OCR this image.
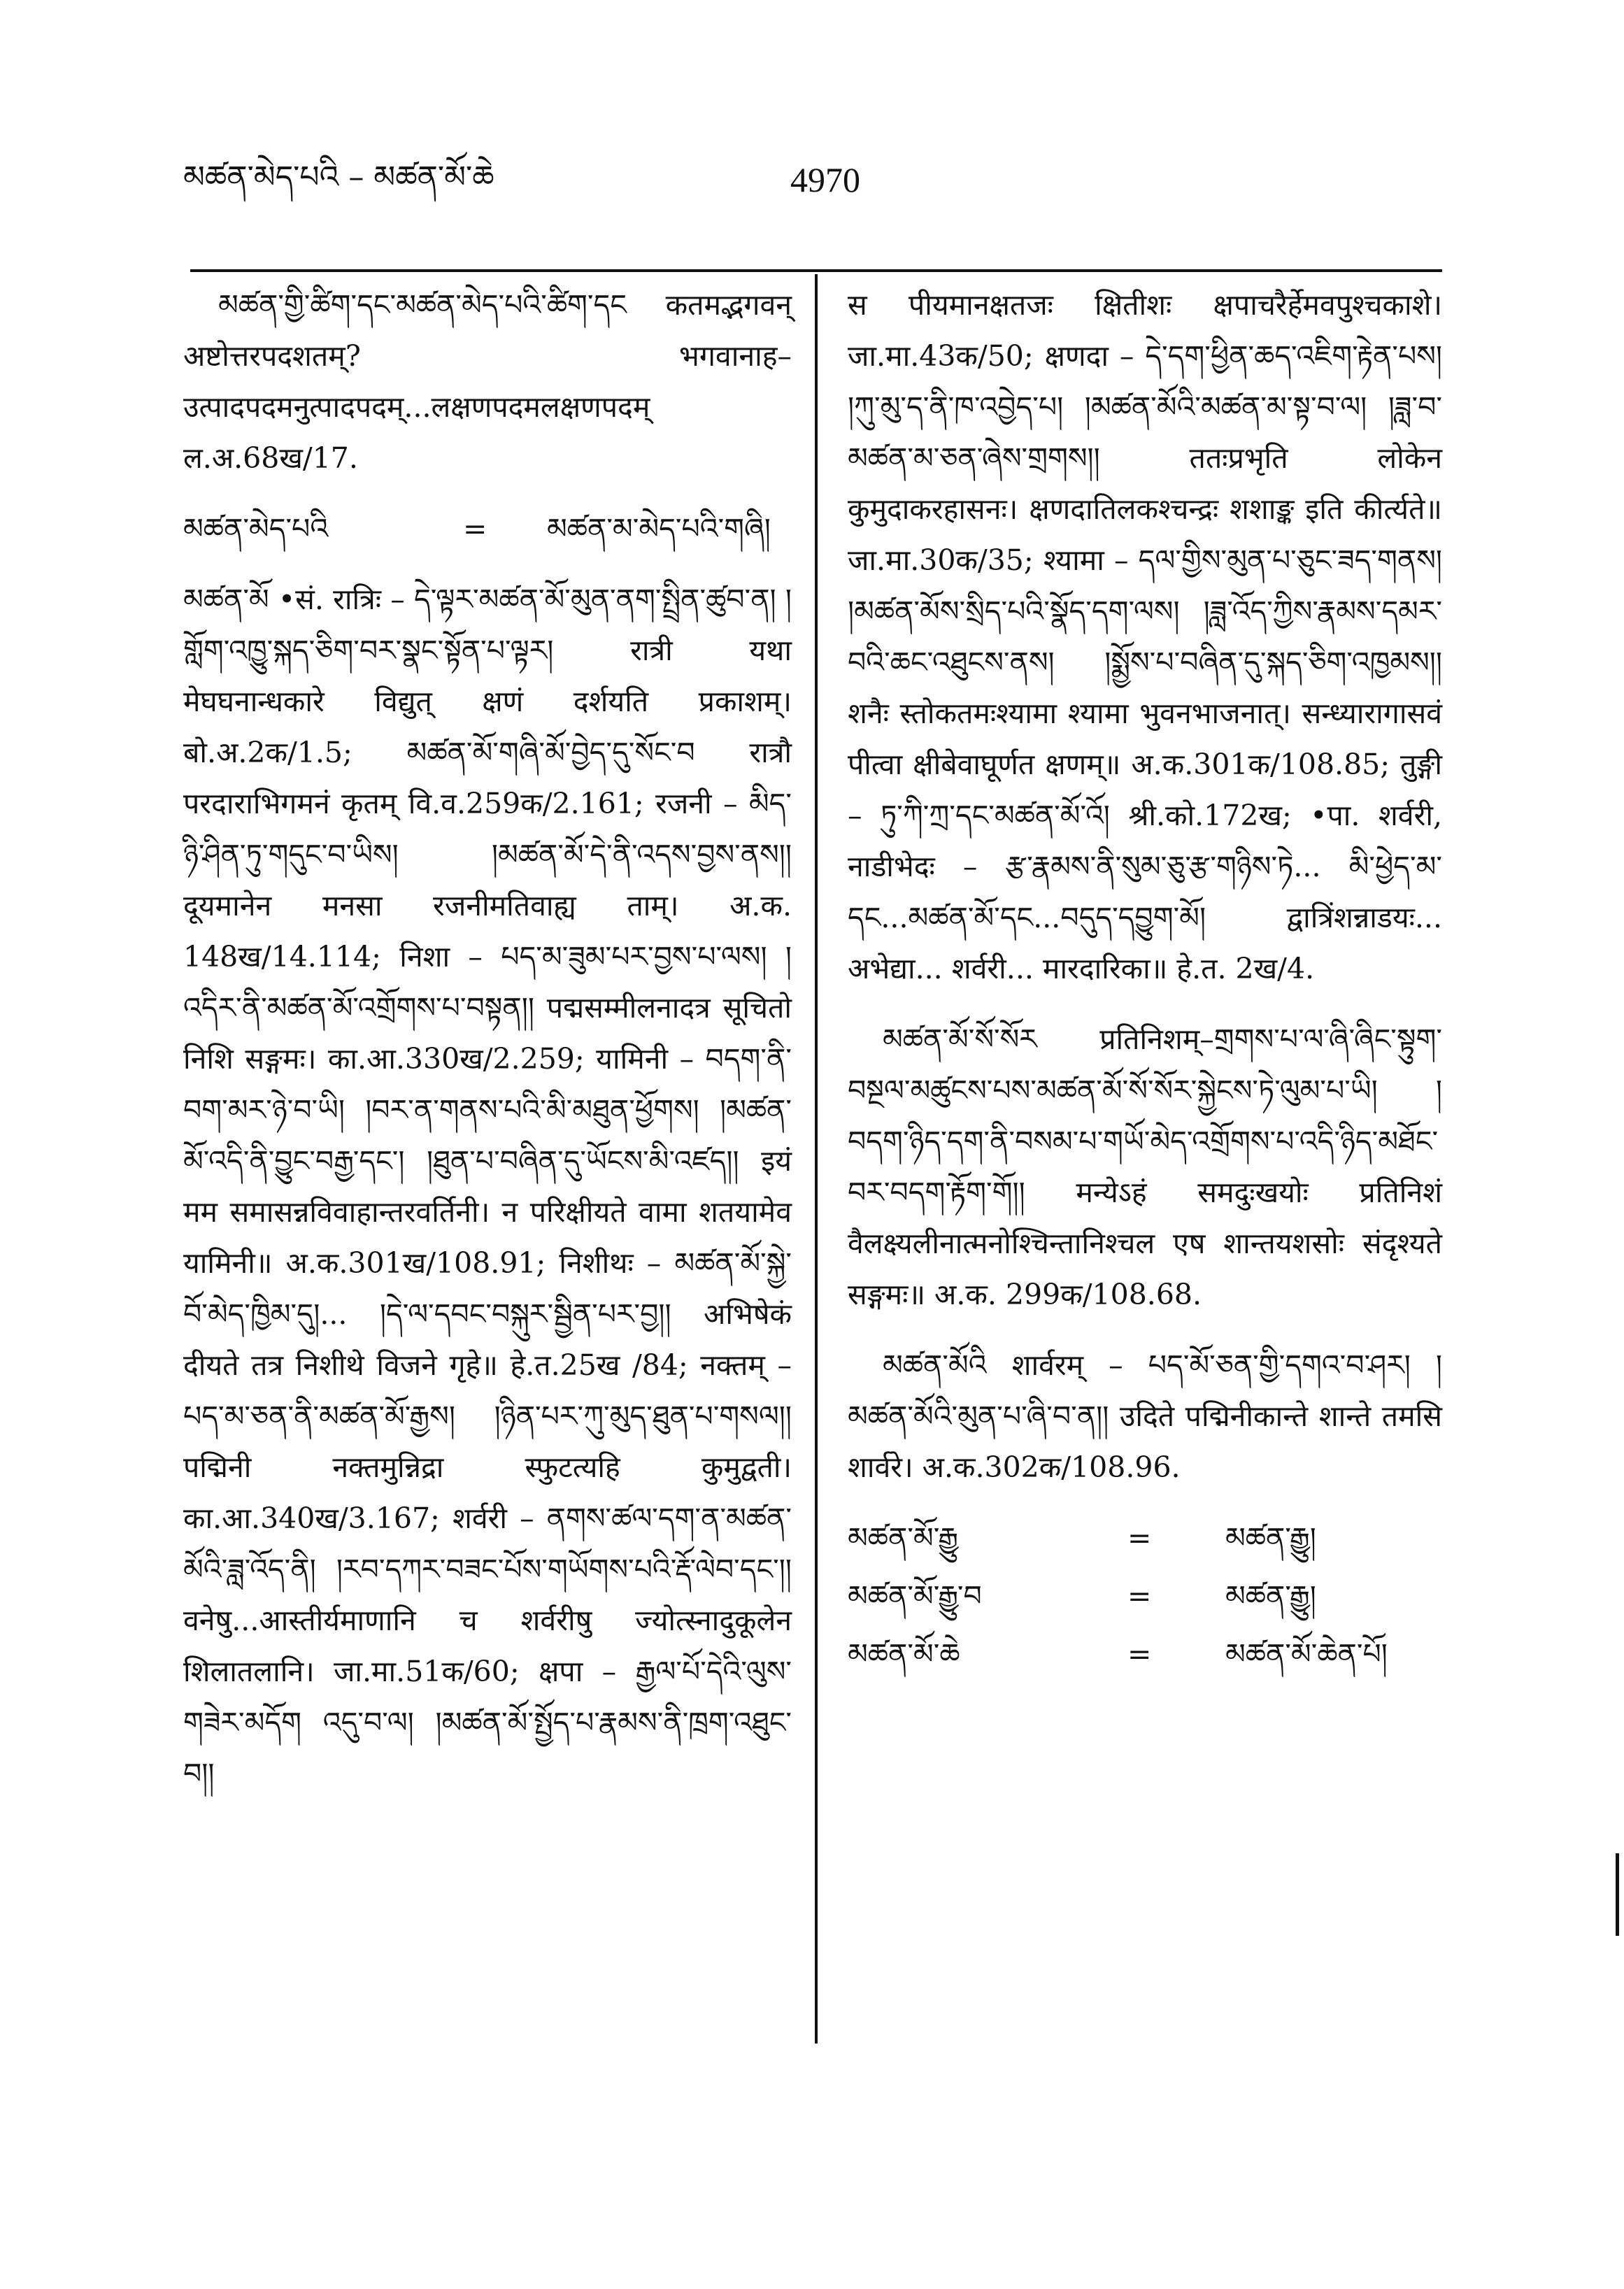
མཚན་མེད་པའི – མཚན་མོ་ཆེ	4970

མཚན་གྱི་ཚིག་དང་མཚན་མེད་པའི་ཚིག་དང कतमद्भगवन् अष्टोत्तरपदशतम्? भगवानाह–उत्पादपदमनुत्पादपदम्...लक्षणपदमलक्षणपदम् ल.अ.68ख/17.

མཚན་མེད་པའི	=	མཚན་མ་མེད་པའི་གཞི།

མཚན་མོ •सं. रात्रिः – དེ་ལྟར་མཚན་མོ་མུན་ནག་སྤྲིན་ཚུབ་ན། །གློག་འཁྱུ་སྐད་ཅིག་བར་སྣང་སྟོན་པ་ལྟར། रात्री यथा मेघघनान्धकारे विद्युत् क्षणं दर्शयति प्रकाशम्। बो.अ.2क/1.5; མཚན་མོ་གཞི་མོ་བྱེད་དུ་སོང་བ रात्रौ परदाराभिगमनं कृतम् वि.व.259क/2.161; रजनी – མིད་ཉི་ཤིན་ཏུ་གདུང་བ་ཡིས། །མཚན་མོ་དེ་ནི་འདས་བྱས་ནས།། दूयमानेन मनसा रजनीमतिवाह्य ताम्। अ.क. 148ख/14.114; निशा – པད་མ་ཟུམ་པར་བྱས་པ་ལས། །འདིར་ནི་མཚན་མོ་འགྲོགས་པ་བསྟན།། पद्मसम्मीलनादत्र सूचितो निशि सङ्गमः। का.आ.330ख/2.259; यामिनी – བདག་ནི་བག་མར་ཉེ་བ་ཡི། །བར་ན་གནས་པའི་མི་མཐུན་ཕྱོགས། །མཚན་མོ་འདི་ནི་བྱུང་བརྒྱ་དང་། །ཐུན་པ་བཞིན་དུ་ཡོངས་མི་འཛད།། इयं मम समासन्नविवाहान्तरवर्तिनी। न परिक्षीयते वामा शतयामेव यामिनी॥ अ.क.301ख/108.91; निशीथः – མཚན་མོ་སྐྱེ་བོ་མེད་ཁྱིམ་དུ།... །དེ་ལ་དབང་བསྐུར་སྦྱིན་པར་བྱ།། अभिषेकं दीयते तत्र निशीथे विजने गृहे॥ हे.त.25ख /84; नक्तम् – པད་མ་ཅན་ནི་མཚན་མོ་རྒྱས། །ཉིན་པར་ཀུ་མུད་ཐུན་པ་གསལ།། पद्मिनी नक्तमुन्निद्रा स्फुटत्यहि कुमुद्वती। का.आ.340ख/3.167; शर्वरी – ནགས་ཚལ་དག་ན་མཚན་མོའི་ཟླ་འོད་ནི། །རབ་དཀར་བཟང་པོས་གཡོགས་པའི་རྡོ་ལེབ་དང་།། वनेषु...आस्तीर्यमाणानि च शर्वरीषु ज्योत्स्नादुकूलेन शिलातलानि। जा.मा.51क/60; क्षपा – རྒྱལ་པོ་དེའི་ལུས་གཟེར་མདོག འདུ་བ་ལ། །མཚན་མོ་སྤྱོད་པ་རྣམས་ནི་ཁྲག་འཐུང་བ།།

स पीयमानक्षतजः क्षितीशः क्षपाचरैर्हेमवपुश्चकाशे। जा.मा.43क/50; क्षणदा – དེ་དག་ཕྱིན་ཆད་འཇིག་རྟེན་པས། །ཀུ་མུ་ད་ནི་ཁ་འབྱེད་པ། །མཚན་མོའི་མཚན་མ་སྟ་བ་ལ། །ཟླ་བ་མཚན་མ་ཅན་ཞེས་གྲགས།། ततःप्रभृति लोकेन कुमुदाकरहासनः। क्षणदातिलकश्चन्द्रः शशाङ्क इति कीर्त्यते॥ जा.मा.30क/35; श्यामा – དལ་གྱིས་མུན་པ་ཅུང་ཟད་གནས། །མཚན་མོས་སྲིད་པའི་སྣོད་དག་ལས། །ཟླ་འོད་ཀྱིས་རྣམས་དམར་བའི་ཆང་འཐུངས་ནས། །སྨྱོས་པ་བཞིན་དུ་སྐད་ཅིག་འཁྱམས།། शनैः स्तोकतमःश्यामा श्यामा भुवनभाजनात्। सन्ध्यारागासवं पीत्वा क्षीबेवाघूर्णत क्षणम्॥ अ.क.301क/108.85; तुङ्गी – ཏུ་ཀི་ཀྲ་དང་མཚན་མོ་འོ། श्री.को.172ख; •पा. शर्वरी, नाडीभेदः – རྩ་རྣམས་ནི་སུམ་ཅུ་རྩ་གཉིས་ཏེ... མི་ཕྱེད་མ་དང...མཚན་མོ་དང...བདུད་དབྱུག་མོ། द्वात्रिंशन्नाडयः... अभेद्या... शर्वरी... मारदारिका॥ हे.त. 2ख/4.

མཚན་མོ་སོ་སོར प्रतिनिशम्–གྲགས་པ་ལ་ཞི་ཞིང་སྟུག་བསྔལ་མཚུངས་པས་མཚན་མོ་སོ་སོར་སྐྱེངས་ཏེ་ལུམ་པ་ཡི། །བདག་ཉིད་དག་ནི་བསམ་པ་གཡོ་མེད་འགྲོགས་པ་འདི་ཉིད་མཐོང་བར་བདག་རྟོག་གོ།། मन्येऽहं समदुःखयोः प्रतिनिशं वैलक्ष्यलीनात्मनोश्चिन्तानिश्चल एष शान्तयशसोः संदृश्यते सङ्गमः॥ अ.क. 299क/108.68.

མཚན་མོའི शार्वरम् – པད་མོ་ཅན་གྱི་དགའ་བ་ཤར། །མཚན་མོའི་མུན་པ་ཞི་བ་ན།། उदिते पद्मिनीकान्ते शान्ते तमसि शार्वरे। अ.क.302क/108.96.

མཚན་མོ་རྒྱུ	=	མཚན་རྒྱུ།
མཚན་མོ་རྒྱུ་བ	=	མཚན་རྒྱུ།
མཚན་མོ་ཆེ	=	མཚན་མོ་ཆེན་པོ།
